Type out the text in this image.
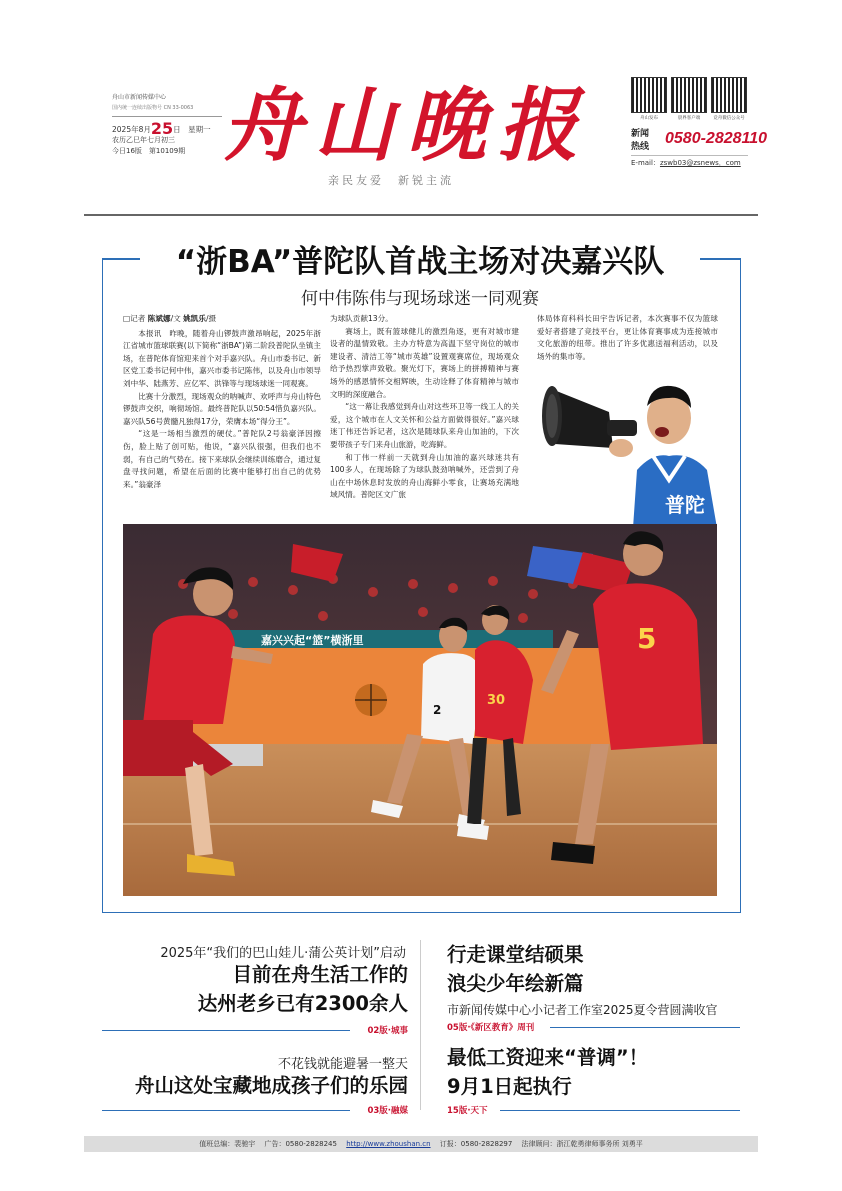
舟山市新闻传媒中心
国内统一连续出版物号 CN 33-0063
2025年8月25日　星期一
农历乙巳年七月初三
今日16版　第10109期 舟山晚报
亲民友爱　新锐主流
舟山发布	晨界客户端	竞舟微信公众号
新闻
热线 0580-2828110
E-mail：zswb03@zsnews．com
“浙BA”普陀队首战主场对决嘉兴队
何中伟陈伟与现场球迷一同观赛

□记者 陈斌娜/文 姚凯乐/摄

本报讯　昨晚，随着舟山锣鼓声激昂响起，2025年浙江省城市篮球联赛(以下简称“浙BA”)第二阶段普陀队坐镇主场，在普陀体育馆迎来首个对手嘉兴队。舟山市委书记、新区党工委书记何中伟，嘉兴市委书记陈伟，以及舟山市领导刘中华、陆燕芳、应亿军、洪锋等与现场球迷一同观赛。

比赛十分激烈，现场观众的呐喊声、欢呼声与舟山特色锣鼓声交织，响彻场馆。最终普陀队以50∶54惜负嘉兴队。嘉兴队56号黄髓凡独得17分，荣膺本场“得分王”。

“这是一场相当激烈的硬仗。”普陀队2号翁豪泽因擦伤，脸上贴了创可贴，他说，“嘉兴队很强，但我们也不弱，有自己的气势在。接下来球队会继续训练磨合，通过复盘寻找问题，希望在后面的比赛中能够打出自己的优势来。”翁豪泽

为球队贡献13分。

赛场上，既有篮球健儿的激烈角逐，更有对城市建设者的温情致敬。主办方特意为高温下坚守岗位的城市建设者、清洁工等“城市英雄”设置观赛席位，现场观众给予热烈掌声致敬。聚光灯下，赛场上的拼搏精神与赛场外的感恩情怀交相辉映，生动诠释了体育精神与城市文明的深度融合。

“这一幕让我感觉到舟山对这些环卫等一线工人的关爱，这个城市在人文关怀和公益方面做得很好。”嘉兴球迷丁伟还告诉记者，这次是随球队来舟山加油的，下次要带孩子专门来舟山旅游，吃海鲜。

和丁伟一样前一天就到舟山加油的嘉兴球迷共有100多人，在现场除了为球队鼓劲呐喊外，还尝到了舟山在中场休息时发放的舟山海鲜小零食，让赛场充满地域风情。普陀区文广旅

体局体育科科长田宇告诉记者，本次赛事不仅为篮球爱好者搭建了竞技平台，更让体育赛事成为连接城市文化旅游的纽带。推出了许多优惠送福利活动，以及场外的集市等。

普陀
嘉兴兴起“篮”横浙里
2
30
5
2025年“我们的巴山娃儿·蒲公英计划”启动
目前在舟生活工作的
达州老乡已有2300余人
02版·城事
不花钱就能避暑一整天
舟山这处宝藏地成孩子们的乐园
03版·融媒
行走课堂结硕果
浪尖少年绘新篇
市新闻传媒中心小记者工作室2025夏令营圆满收官
05版·《新区教育》周刊
最低工资迎来“普调”！
9月1日起执行
15版·天下
值班总编：裴驰宇　 广告：0580-2828245　 http://www.zhoushan.cn　 订报：0580-2828297　 法律顾问：浙江乾勇律师事务所 刘勇平
